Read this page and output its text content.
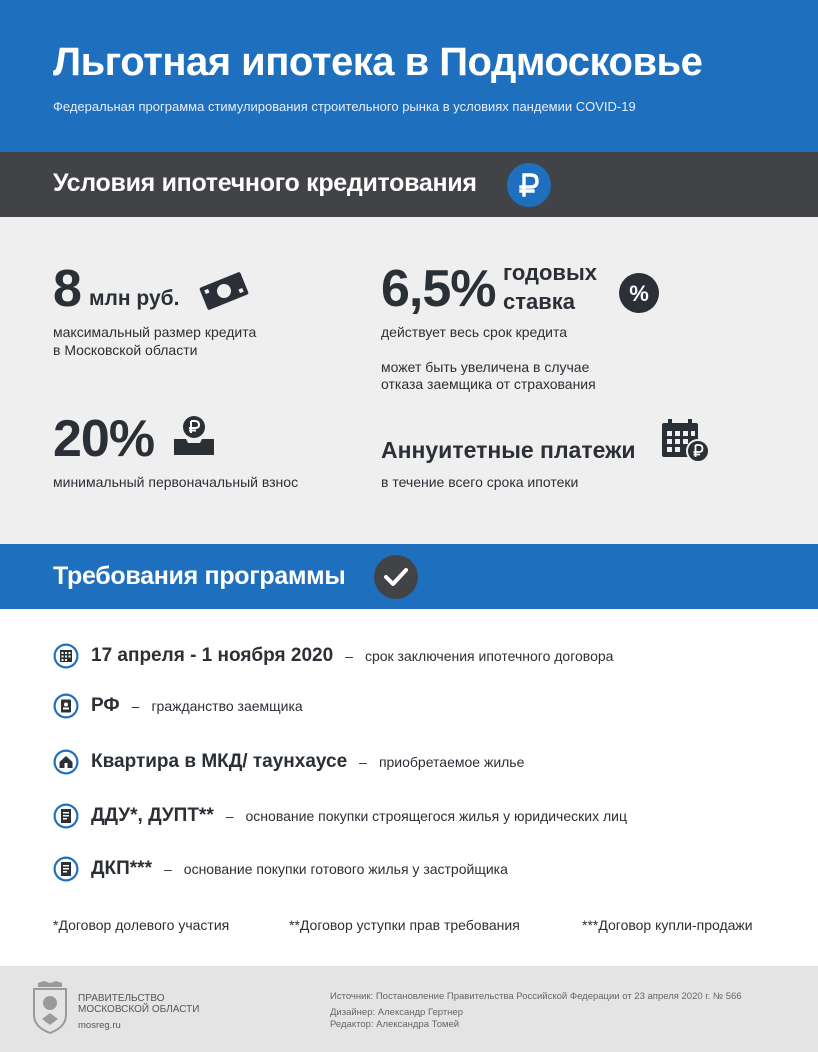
Льготная ипотека в Подмосковье
Федеральная программа стимулирования строительного рынка в условиях пандемии COVID-19
Условия ипотечного кредитования
8 млн руб.
максимальный размер кредита
в Московской области
6,5% годовых
ставка %
действует весь срок кредита
может быть увеличена в случае
отказа заемщика от страхования
20%
минимальный первоначальный взнос
Аннуитетные платежи
в течение всего срока ипотеки
Требования программы
17 апреля - 1 ноября 2020 – срок заключения ипотечного договора
РФ – гражданство заемщика
Квартира в МКД/ таунхаусе – приобретаемое жилье
ДДУ*, ДУПТ** – основание покупки строящегося жилья у юридических лиц
ДКП*** – основание покупки готового жилья у застройщика
*Договор долевого участия	**Договор уступки прав требования	***Договор купли-продажи
ПРАВИТЕЛЬСТВО
МОСКОВСКОЙ ОБЛАСТИ
mosreg.ru
Источник: Постановление Правительства Российской Федерации от 23 апреля 2020 г. № 566
Дизайнер: Александр Гертнер
Редактор: Александра Томей
